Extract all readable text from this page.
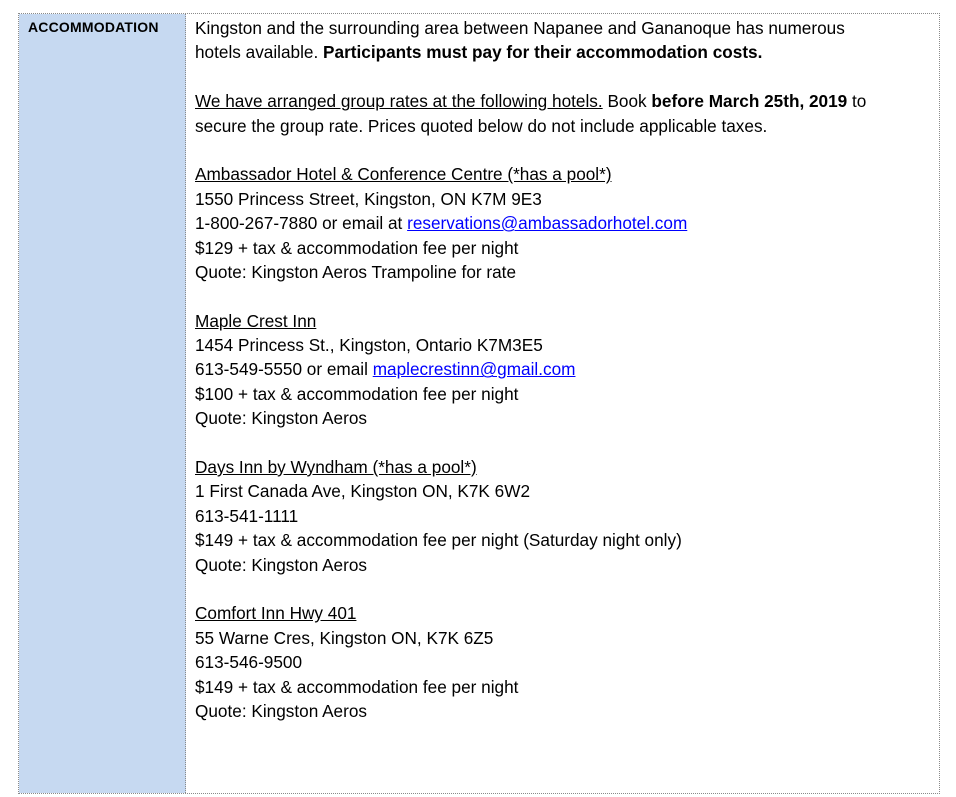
ACCOMMODATION	Kingston and the surrounding area between Napanee and Gananoque has numerous
hotels available. Participants must pay for their accommodation costs.
We have arranged group rates at the following hotels. Book before March 25th, 2019 to
secure the group rate. Prices quoted below do not include applicable taxes.
Ambassador Hotel & Conference Centre (*has a pool*)
1550 Princess Street, Kingston, ON K7M 9E3
1-800-267-7880 or email at reservations@ambassadorhotel.com
$129 + tax & accommodation fee per night
Quote: Kingston Aeros Trampoline for rate
Maple Crest Inn
1454 Princess St., Kingston, Ontario K7M3E5
613-549-5550 or email maplecrestinn@gmail.com
$100 + tax & accommodation fee per night
Quote: Kingston Aeros
Days Inn by Wyndham (*has a pool*)
1 First Canada Ave, Kingston ON, K7K 6W2
613-541-1111
$149 + tax & accommodation fee per night (Saturday night only)
Quote: Kingston Aeros
Comfort Inn Hwy 401
55 Warne Cres, Kingston ON, K7K 6Z5
613-546-9500
$149 + tax & accommodation fee per night
Quote: Kingston Aeros
